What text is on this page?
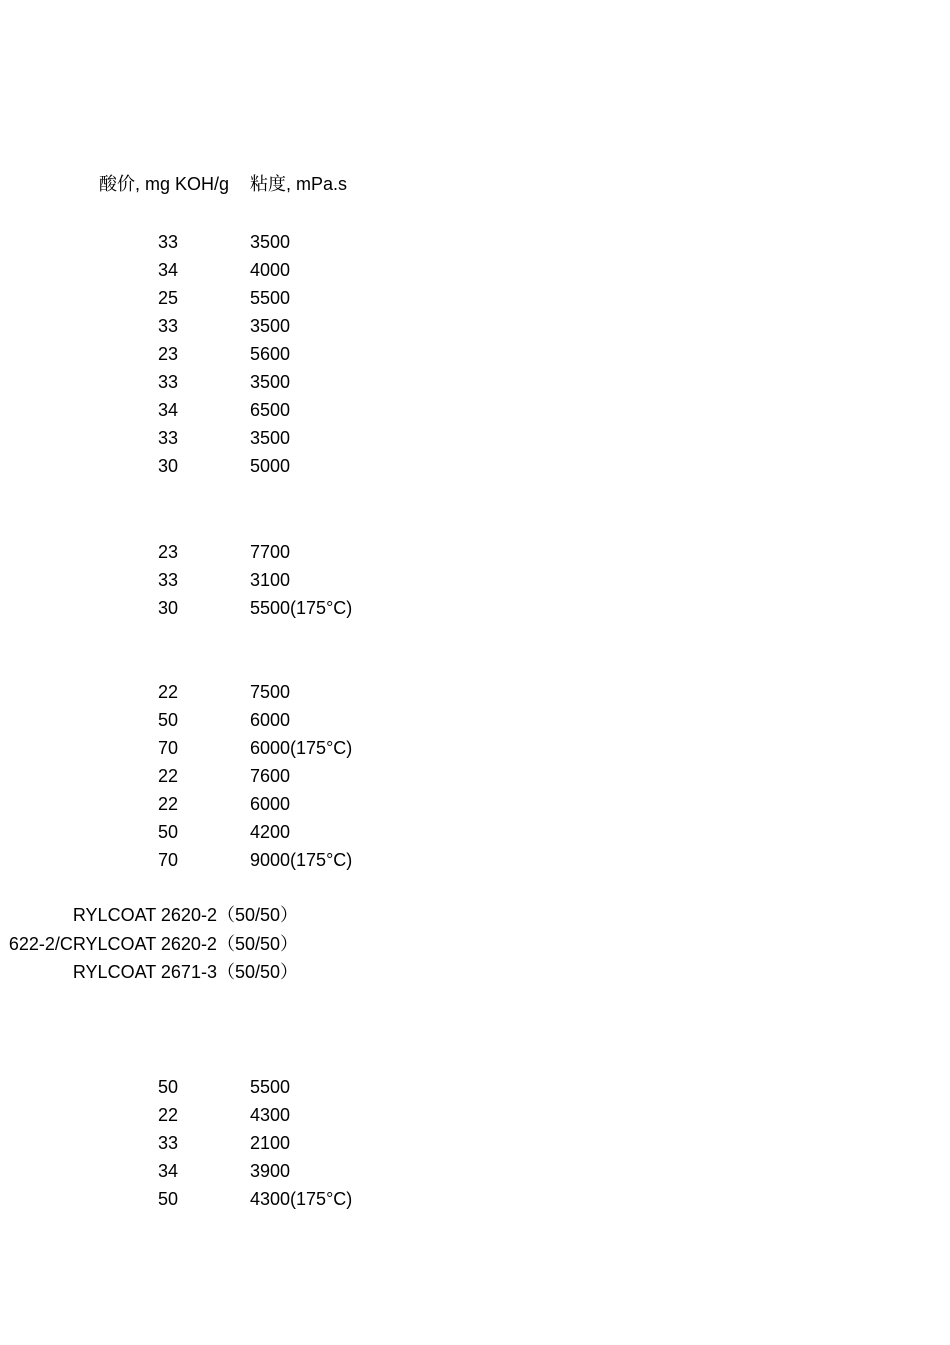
酸价, mg KOH/g 粘度, mPa.s
33	3500
34	4000
25	5500
33	3500
23	5600
33	3500
34	6500
33	3500
30	5000
23	7700
33	3100
30	5500(175°C)
22	7500
50	6000
70	6000(175°C)
22	7600
22	6000
50	4200
70	9000(175°C)
RYLCOAT 2620-2（50/50）
622-2/CRYLCOAT 2620-2（50/50）
RYLCOAT 2671-3（50/50）
50	5500
22	4300
33	2100
34	3900
50	4300(175°C)
